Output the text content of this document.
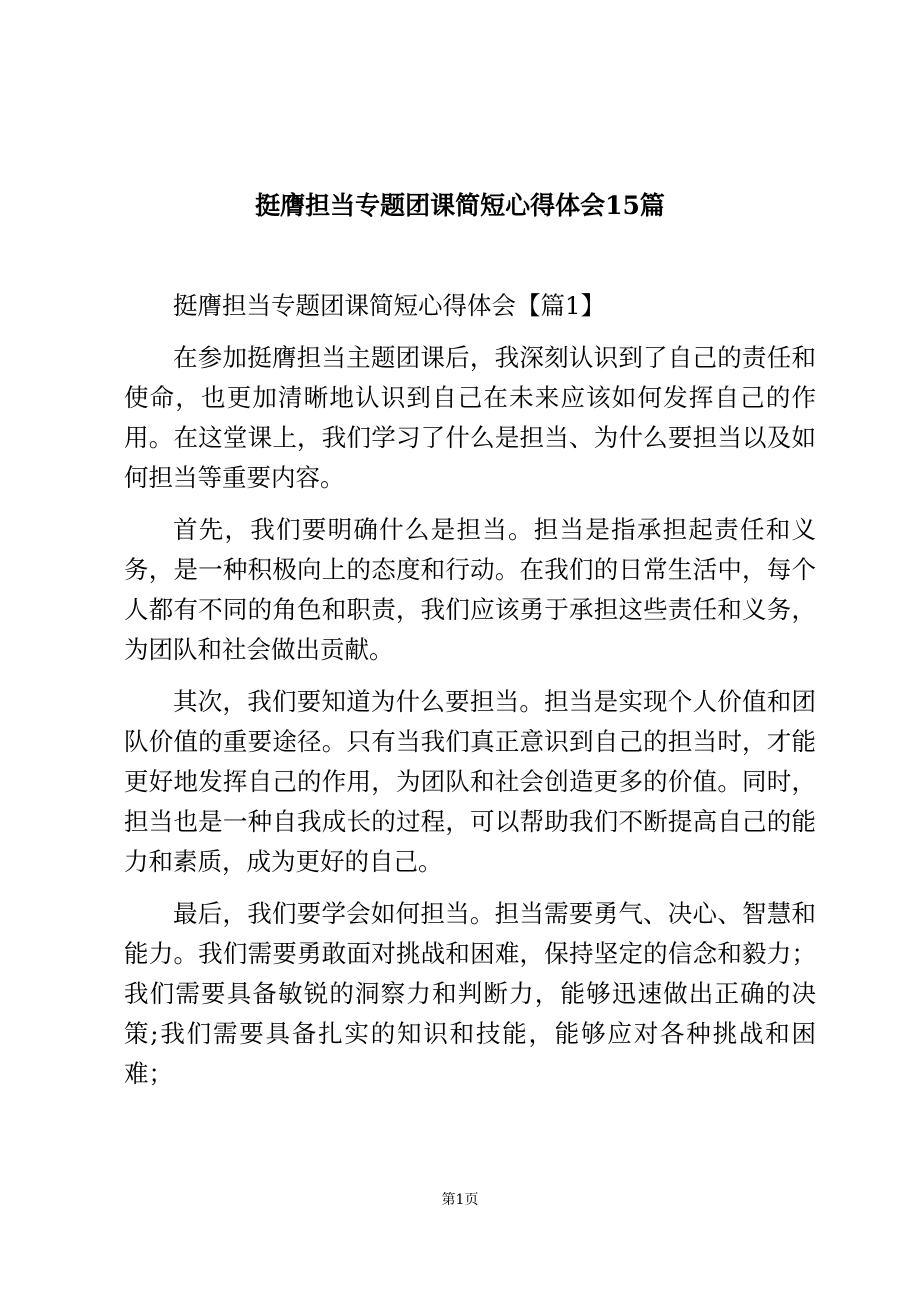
挺膺担当专题团课简短心得体会15篇

挺膺担当专题团课简短心得体会【篇1】

在参加挺膺担当主题团课后，我深刻认识到了自己的责任和使命，也更加清晰地认识到自己在未来应该如何发挥自己的作用。在这堂课上，我们学习了什么是担当、为什么要担当以及如何担当等重要内容。

首先，我们要明确什么是担当。担当是指承担起责任和义务，是一种积极向上的态度和行动。在我们的日常生活中，每个人都有不同的角色和职责，我们应该勇于承担这些责任和义务，为团队和社会做出贡献。

其次，我们要知道为什么要担当。担当是实现个人价值和团队价值的重要途径。只有当我们真正意识到自己的担当时，才能更好地发挥自己的作用，为团队和社会创造更多的价值。同时，担当也是一种自我成长的过程，可以帮助我们不断提高自己的能力和素质，成为更好的自己。

最后，我们要学会如何担当。担当需要勇气、决心、智慧和能力。我们需要勇敢面对挑战和困难，保持坚定的信念和毅力；我们需要具备敏锐的洞察力和判断力，能够迅速做出正确的决策;我们需要具备扎实的知识和技能，能够应对各种挑战和困难；

第1页
